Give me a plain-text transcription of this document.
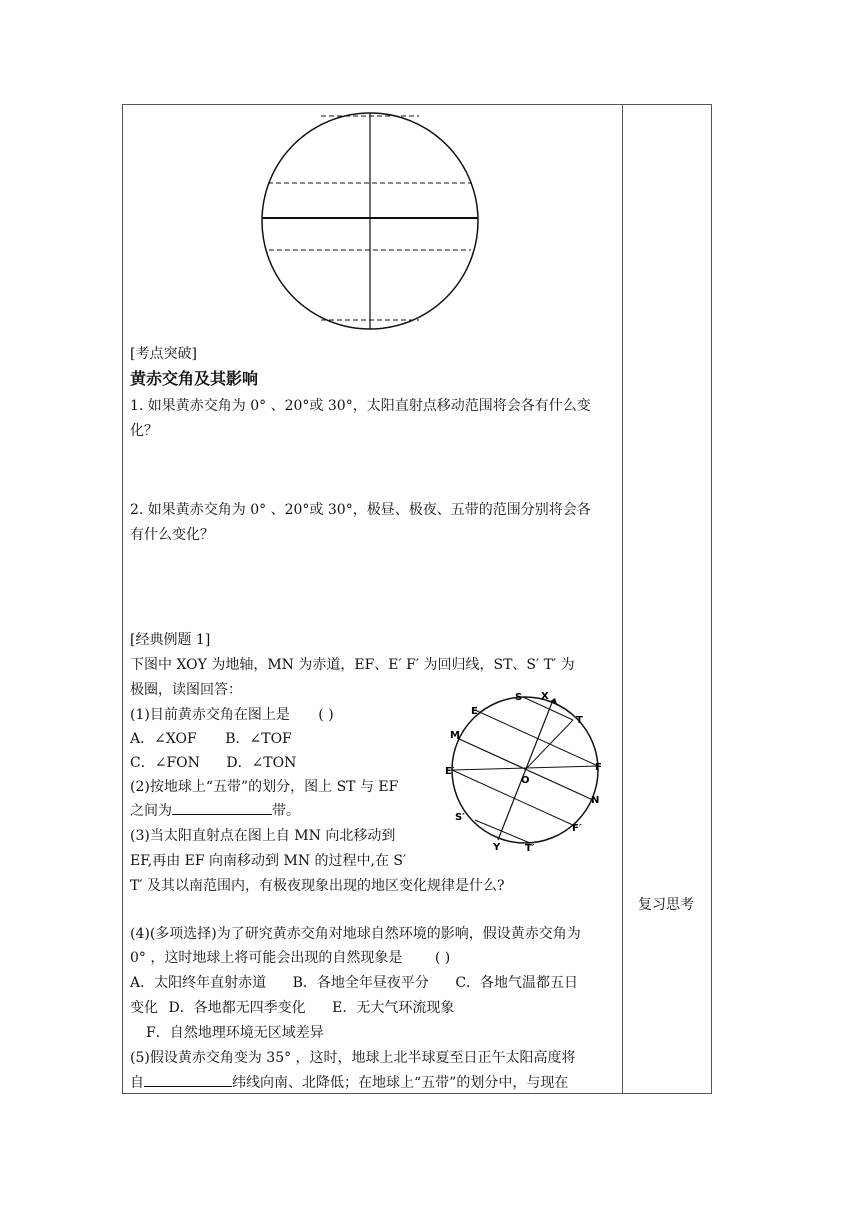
复习思考
[考点突破]
黄赤交角及其影响
1. 如果黄赤交角为 0° 、20°或 30°，太阳直射点移动范围将会各有什么变
化？
2. 如果黄赤交角为 0° 、20°或 30°，极昼、极夜、五带的范围分别将会各
有什么变化？
[经典例题 1]
下图中 XOY 为地轴，MN 为赤道，EF、E′ F′ 为回归线，ST、S′ T′ 为
极圈，读图回答：
(1)目前黄赤交角在图上是 ( )
A．∠XOF B．∠TOF
C．∠FON D．∠TON
(2)按地球上“五带”的划分，图上 ST 与 EF
之间为	带。
(3)当太阳直射点在图上自 MN 向北移动到
EF,再由 EF 向南移动到 MN 的过程中,在 S′
T′ 及其以南范围内，有极夜现象出现的地区变化规律是什么?
(4)(多项选择)为了研究黄赤交角对地球自然环境的影响，假设黄赤交角为
0° ，这时地球上将可能会出现的自然现象是 ( )
A．太阳终年直射赤道 B．各地全年昼夜平分 C．各地气温都五日
变化 D．各地都无四季变化 E．无大气环流现象
F．自然地理环境无区域差异
(5)假设黄赤交角变为 35° ，这时，地球上北半球夏至日正午太阳高度将
自	纬线向南、北降低；在地球上“五带”的划分中，与现在
S X
E
T
M
E′
O
F
N
S′
F′
Y T′
